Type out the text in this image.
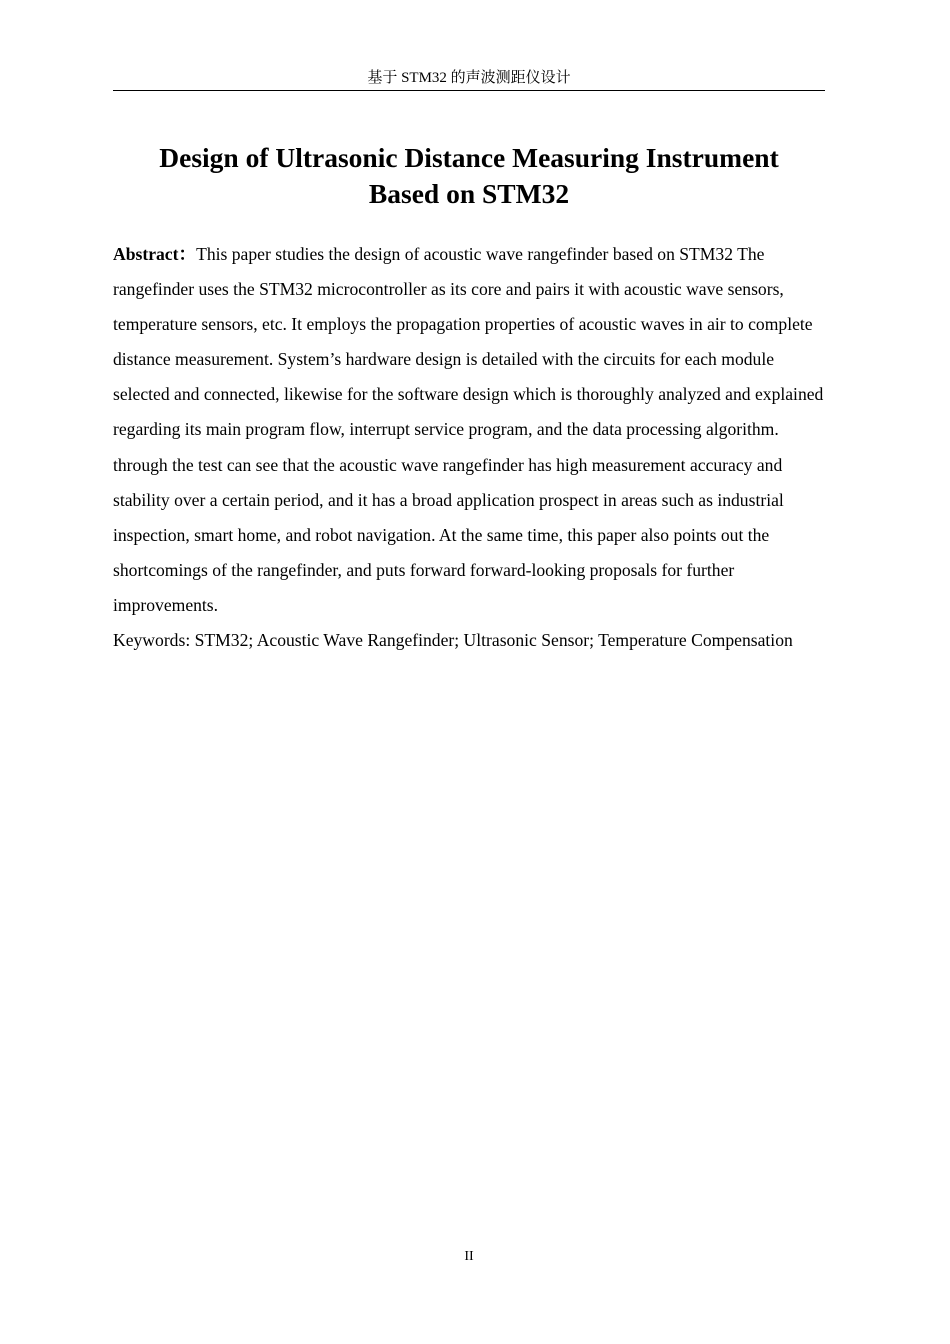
基于 STM32 的声波测距仪设计
Design of Ultrasonic Distance Measuring Instrument
Based on STM32

Abstract：This paper studies the design of acoustic wave rangefinder based on STM32 The rangefinder uses the STM32 microcontroller as its core and pairs it with acoustic wave sensors, temperature sensors, etc. It employs the propagation properties of acoustic waves in air to complete distance measurement. System’s hardware design is detailed with the circuits for each module selected and connected, likewise for the software design which is thoroughly analyzed and explained regarding its main program flow, interrupt service program, and the data processing algorithm. through the test can see that the acoustic wave rangefinder has high measurement accuracy and stability over a certain period, and it has a broad application prospect in areas such as industrial inspection, smart home, and robot navigation. At the same time, this paper also points out the shortcomings of the rangefinder, and puts forward forward-looking proposals for further improvements.

Keywords: STM32; Acoustic Wave Rangefinder; Ultrasonic Sensor; Temperature Compensation

II
